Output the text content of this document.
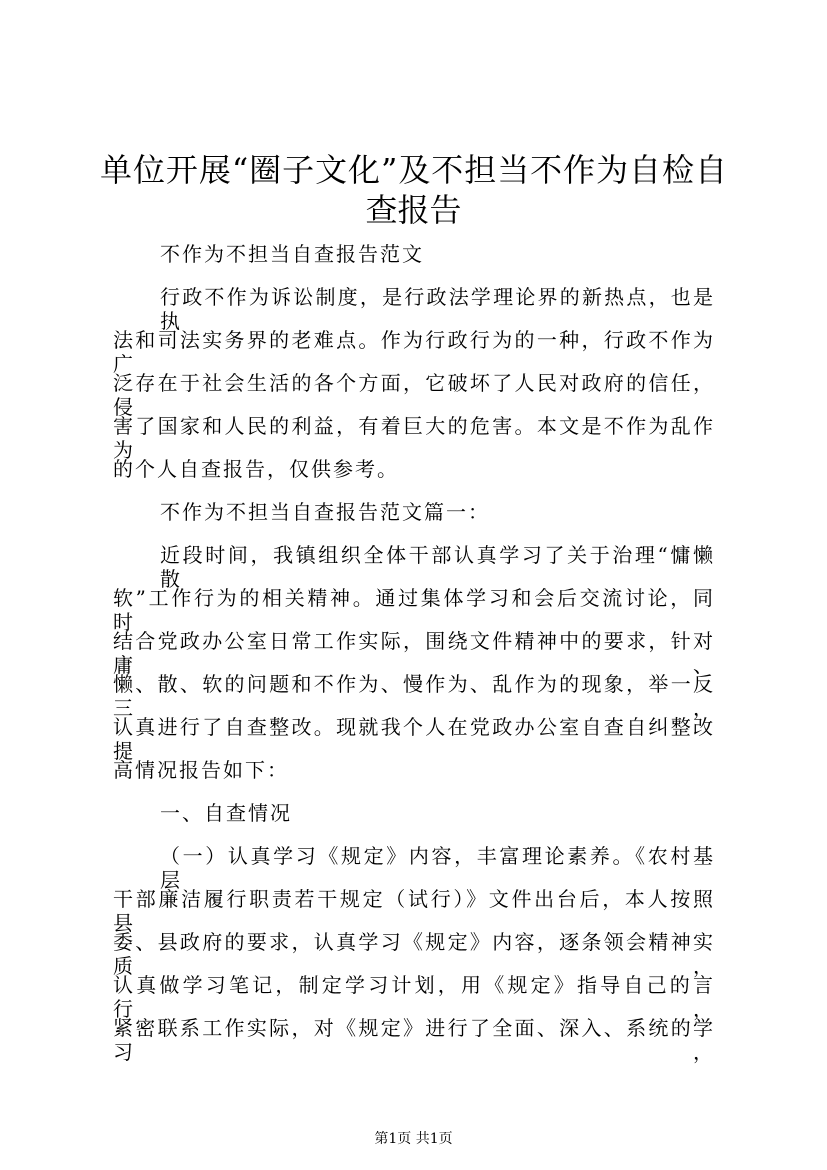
单位开展“圈子文化”及不担当不作为自检自
查报告
不作为不担当自查报告范文
行政不作为诉讼制度，是行政法学理论界的新热点，也是执
法和司法实务界的老难点。作为行政行为的一种，行政不作为广
泛存在于社会生活的各个方面，它破坏了人民对政府的信任，侵
害了国家和人民的利益，有着巨大的危害。本文是不作为乱作为
的个人自查报告，仅供参考。
不作为不担当自查报告范文篇一：
近段时间，我镇组织全体干部认真学习了关于治理“慵懒散
软”工作行为的相关精神。通过集体学习和会后交流讨论，同时
结合党政办公室日常工作实际，围绕文件精神中的要求，针对庸、
懒、散、软的问题和不作为、慢作为、乱作为的现象，举一反三，
认真进行了自查整改。现就我个人在党政办公室自查自纠整改提
高情况报告如下：
一、自查情况
（一）认真学习《规定》内容，丰富理论素养。《农村基层
干部廉洁履行职责若干规定（试行）》文件出台后，本人按照县
委、县政府的要求，认真学习《规定》内容，逐条领会精神实质，
认真做学习笔记，制定学习计划，用《规定》指导自己的言行，
紧密联系工作实际，对《规定》进行了全面、深入、系统的学习，
第1页 共1页
